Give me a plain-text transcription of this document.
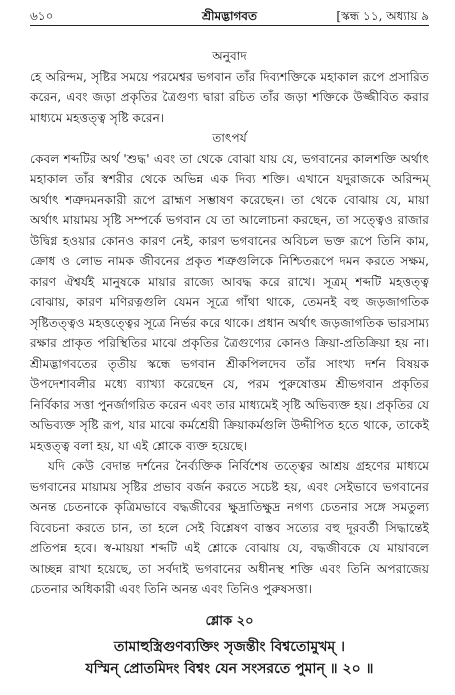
৬১০	শ্রীমদ্ভাগবত	[স্কন্ধ ১১, অধ্যায় ৯

অনুবাদ

হে অরিন্দম, সৃষ্টির সময়ে পরমেশ্বর ভগবান তাঁর দিব্যশক্তিকে মহাকাল রূপে প্রসারিত করেন, এবং জড়া প্রকৃতির ত্রৈগুণ্য দ্বারা রচিত তাঁর জড়া শক্তিকে উজ্জীবিত করার মাধ্যমে মহত্তত্ত্ব সৃষ্টি করেন।

তাৎপর্য

কেবল শব্দটির অর্থ 'শুদ্ধ' এবং তা থেকে বোঝা যায় যে, ভগবানের কালশক্তি অর্থাৎ মহাকাল তাঁর স্বশরীর থেকে অভিন্ন এক দিব্য শক্তি। এখানে যদুরাজকে অরিন্দম্ অর্থাৎ শত্রুদমনকারী রূপে ব্রাহ্মণ সম্ভাষণ করেছেন। তা থেকে বোঝায় যে, মায়া অর্থাৎ মায়াময় সৃষ্টি সম্পর্কে ভগবান যে তা আলোচনা করছেন, তা সত্ত্বেও রাজার উদ্বিগ্ন হওয়ার কোনও কারণ নেই, কারণ ভগবানের অবিচল ভক্ত রূপে তিনি কাম, ক্রোধ ও লোভ নামক জীবনের প্রকৃত শত্রুগুলিকে নিশ্চিতরূপে দমন করতে সক্ষম, কারণ ঐশ্বর্যই মানুষকে মায়ার রাজ্যে আবদ্ধ করে রাখে। সূত্রম্ শব্দটি মহত্তত্ত্ব বোঝায়, কারণ মণিরত্নগুলি যেমন সূত্রে গাঁথা থাকে, তেমনই বহু জড়জাগতিক সৃষ্টিতত্ত্বও মহত্তত্ত্বের সূত্রে নির্ভর করে থাকে। প্রধান অর্থাৎ জড়জাগতিক ভারসাম্য রক্ষার প্রাকৃত পরিস্থিতির মাঝে প্রকৃতির ত্রৈগুণ্যের কোনও ক্রিয়া-প্রতিক্রিয়া হয় না। শ্রীমদ্ভাগবতের তৃতীয় স্কন্ধে ভগবান শ্রীকপিলদেব তাঁর সাংখ্য দর্শন বিষয়ক উপদেশাবলীর মধ্যে ব্যাখ্যা করেছেন যে, পরম পুরুষোত্তম শ্রীভগবান প্রকৃতির নির্বিকার সত্তা পুনর্জাগরিত করেন এবং তার মাধ্যমেই সৃষ্টি অভিব্যক্ত হয়। প্রকৃতির যে অভিব্যক্ত সৃষ্টি রূপ, যার মাঝে কর্মশ্রেয়ী ক্রিয়াকর্মগুলি উদ্দীপিত হতে থাকে, তাকেই মহত্তত্ত্ব বলা হয়, যা এই শ্লোকে ব্যক্ত হয়েছে।

যদি কেউ বেদান্ত দর্শনের নৈর্ব্যক্তিক নির্বিশেষ তত্ত্বের আশ্রয় গ্রহণের মাধ্যমে ভগবানের মায়াময় সৃষ্টির প্রভাব বর্জন করতে সচেষ্ট হয়, এবং সেইভাবে ভগবানের অনন্ত চেতনাকে কৃত্রিমভাবে বদ্ধজীবের ক্ষুদ্রাতিক্ষুদ্র নগণ্য চেতনার সঙ্গে সমতুল্য বিবেচনা করতে চান, তা হলে সেই বিশ্লেষণ বাস্তব সত্যের বহু দূরবর্তী সিদ্ধান্তেই প্রতিপন্ন হবে। স্ব-মায়য়া শব্দটি এই শ্লোকে বোঝায় যে, বদ্ধজীবকে যে মায়াবলে আচ্ছন্ন রাখা হয়েছে, তা সর্বদাই ভগবানের অধীনস্থ শক্তি এবং তিনি অপরাজেয় চেতনার অধিকারী এবং তিনি অনন্ত এবং তিনিও পুরুষসত্তা।

শ্লোক ২০

তামাহুস্ত্রিগুণব্যক্তিং সৃজন্তীং বিশ্বতোমুখম্ ।

যস্মিন্ প্রোতমিদং বিশ্বং যেন সংসরতে পুমান্ ॥ ২০ ॥
